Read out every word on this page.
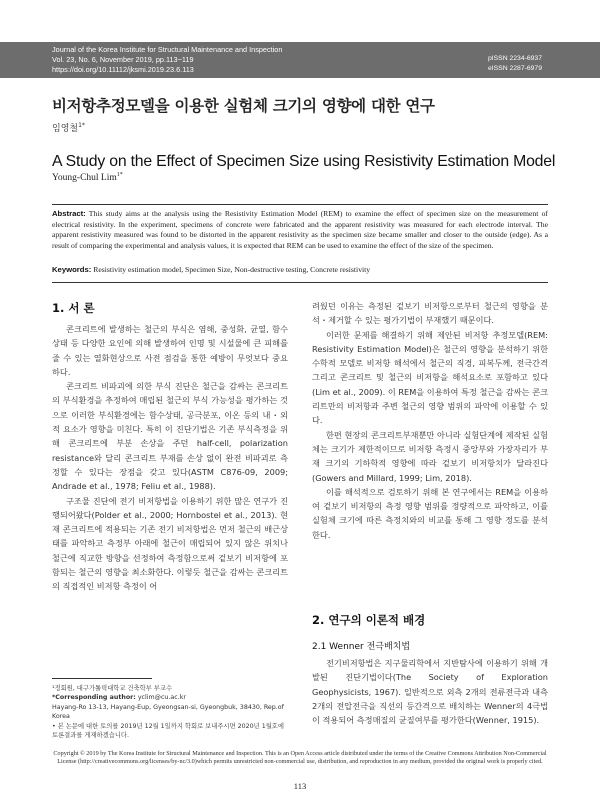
Journal of the Korea Institute for Structural Maintenance and Inspection
Vol. 23, No. 6, November 2019, pp.113~119
https://doi.org/10.11112/jksmi.2019.23.6.113
pISSN 2234-6937
eISSN 2287-6979
비저항추정모델을 이용한 실험체 크기의 영향에 대한 연구
임영철$^{1*}$
A Study on the Effect of Specimen Size using Resistivity Estimation Model
Young-Chul Lim$^{1*}$
Abstract: This study aims at the analysis using the Resistivity Estimation Model (REM) to examine the effect of specimen size on the measurement of electrical resistivity. In the experiment, specimens of concrete were fabricated and the apparent resistivity was measured for each electrode interval. The apparent resistivity measured was found to be distorted in the apparent resistivity as the specimen size became smaller and closer to the outside (edge). As a result of comparing the experimental and analysis values, it is expected that REM can be used to examine the effect of the size of the specimen.
Keywords: Resistivity estimation model, Specimen Size, Non-destructive testing, Concrete resistivity
1. 서 론

콘크리트에 발생하는 철근의 부식은 염해, 중성화, 균열, 함수상태 등 다양한 요인에 의해 발생하여 인명 및 시설물에 큰 피해를 줄 수 있는 열화현상으로 사전 점검을 통한 예방이 무엇보다 중요하다.

콘크리트 비파괴에 의한 부식 진단은 철근을 감싸는 콘크리트의 부식환경을 추정하여 매립된 철근의 부식 가능성을 평가하는 것으로 이러한 부식환경에는 함수상태, 공극분포, 이온 등의 내・외적 요소가 영향을 미친다. 특히 이 진단기법은 기존 부식측정을 위해 콘크리트에 부분 손상을 주던 half-cell, polarization resistance와 달리 콘크리트 부재를 손상 없이 완전 비파괴로 측정할 수 있다는 장점을 갖고 있다(ASTM C876-09, 2009; Andrade et al., 1978; Feliu et al., 1988).

구조물 진단에 전기 비저항법을 이용하기 위한 많은 연구가 진행되어왔다(Polder et al., 2000; Hornbostel et al., 2013). 현재 콘크리트에 적용되는 기존 전기 비저항법은 먼저 철근의 배근상태를 파악하고 측정부 아래에 철근이 매립되어 있지 않은 위치나 철근에 직교한 방향을 선정하여 측정함으로써 겉보기 비저항에 포함되는 철근의 영향을 최소화한다. 이렇듯 철근을 감싸는 콘크리트의 직접적인 비저항 측정이 어

¹정회원, 대구가톨릭대학교 건축학부 부교수
*Corresponding author: yclim@cu.ac.kr
Hayang-Ro 13-13, Hayang-Eup, Gyeongsan-si, Gyeongbuk, 38430, Rep.of Korea
• 본 논문에 대한 토의를 2019년 12월 1일까지 학회로 보내주시면 2020년 1월호에 토론결과를 게재하겠습니다.

려웠던 이유는 측정된 겉보기 비저항으로부터 철근의 영향을 분석・제거할 수 있는 평가기법이 부재했기 때문이다.

이러한 문제를 해결하기 위해 제안된 비저항 추정모델(REM: Resistivity Estimation Model)은 철근의 영향을 분석하기 위한 수학적 모델로 비저항 해석에서 철근의 직경, 피복두께, 전극간격 그리고 콘크리트 및 철근의 비저항을 해석요소로 포함하고 있다(Lim et al., 2009). 이 REM을 이용하여 특정 철근을 감싸는 콘크리트만의 비저항과 주변 철근의 영향 범위의 파악에 이용할 수 있다.

한편 현장의 콘크리트부재뿐만 아니라 실험단계에 제작된 실험체는 크기가 제한적이므로 비저항 측정시 중앙부와 가장자리가 부재 크기의 기하학적 영향에 따라 겉보기 비저항치가 달라진다(Gowers and Millard, 1999; Lim, 2018).

이를 해석적으로 검토하기 위해 본 연구에서는 REM을 이용하여 겉보기 비저항의 측정 영향 범위를 정량적으로 파악하고, 이를 실험체 크기에 따른 측정치와의 비교를 통해 그 영향 정도를 분석한다.

2. 연구의 이론적 배경
2.1 Wenner 전극배치법

전기비저항법은 지구물리학에서 지반탐사에 이용하기 위해 개발된 진단기법이다(The Society of Exploration Geophysicists, 1967). 일반적으로 외측 2개의 전류전극과 내측 2개의 전압전극을 직선의 등간격으로 배치하는 Wenner의 4극법이 적용되어 측정매질의 균질여부를 평가한다(Wenner, 1915).

Copyright © 2019 by The Korea Institute for Structural Maintenance and Inspection. This is an Open Access article distributed under the terms of the Creative Commons Attribution Non-Commercial License (http://creativecommons.org/licenses/by-nc/3.0)which permits unrestricted non-commercial use, distribution, and reproduction in any medium, provided the original work is properly cited.
113
